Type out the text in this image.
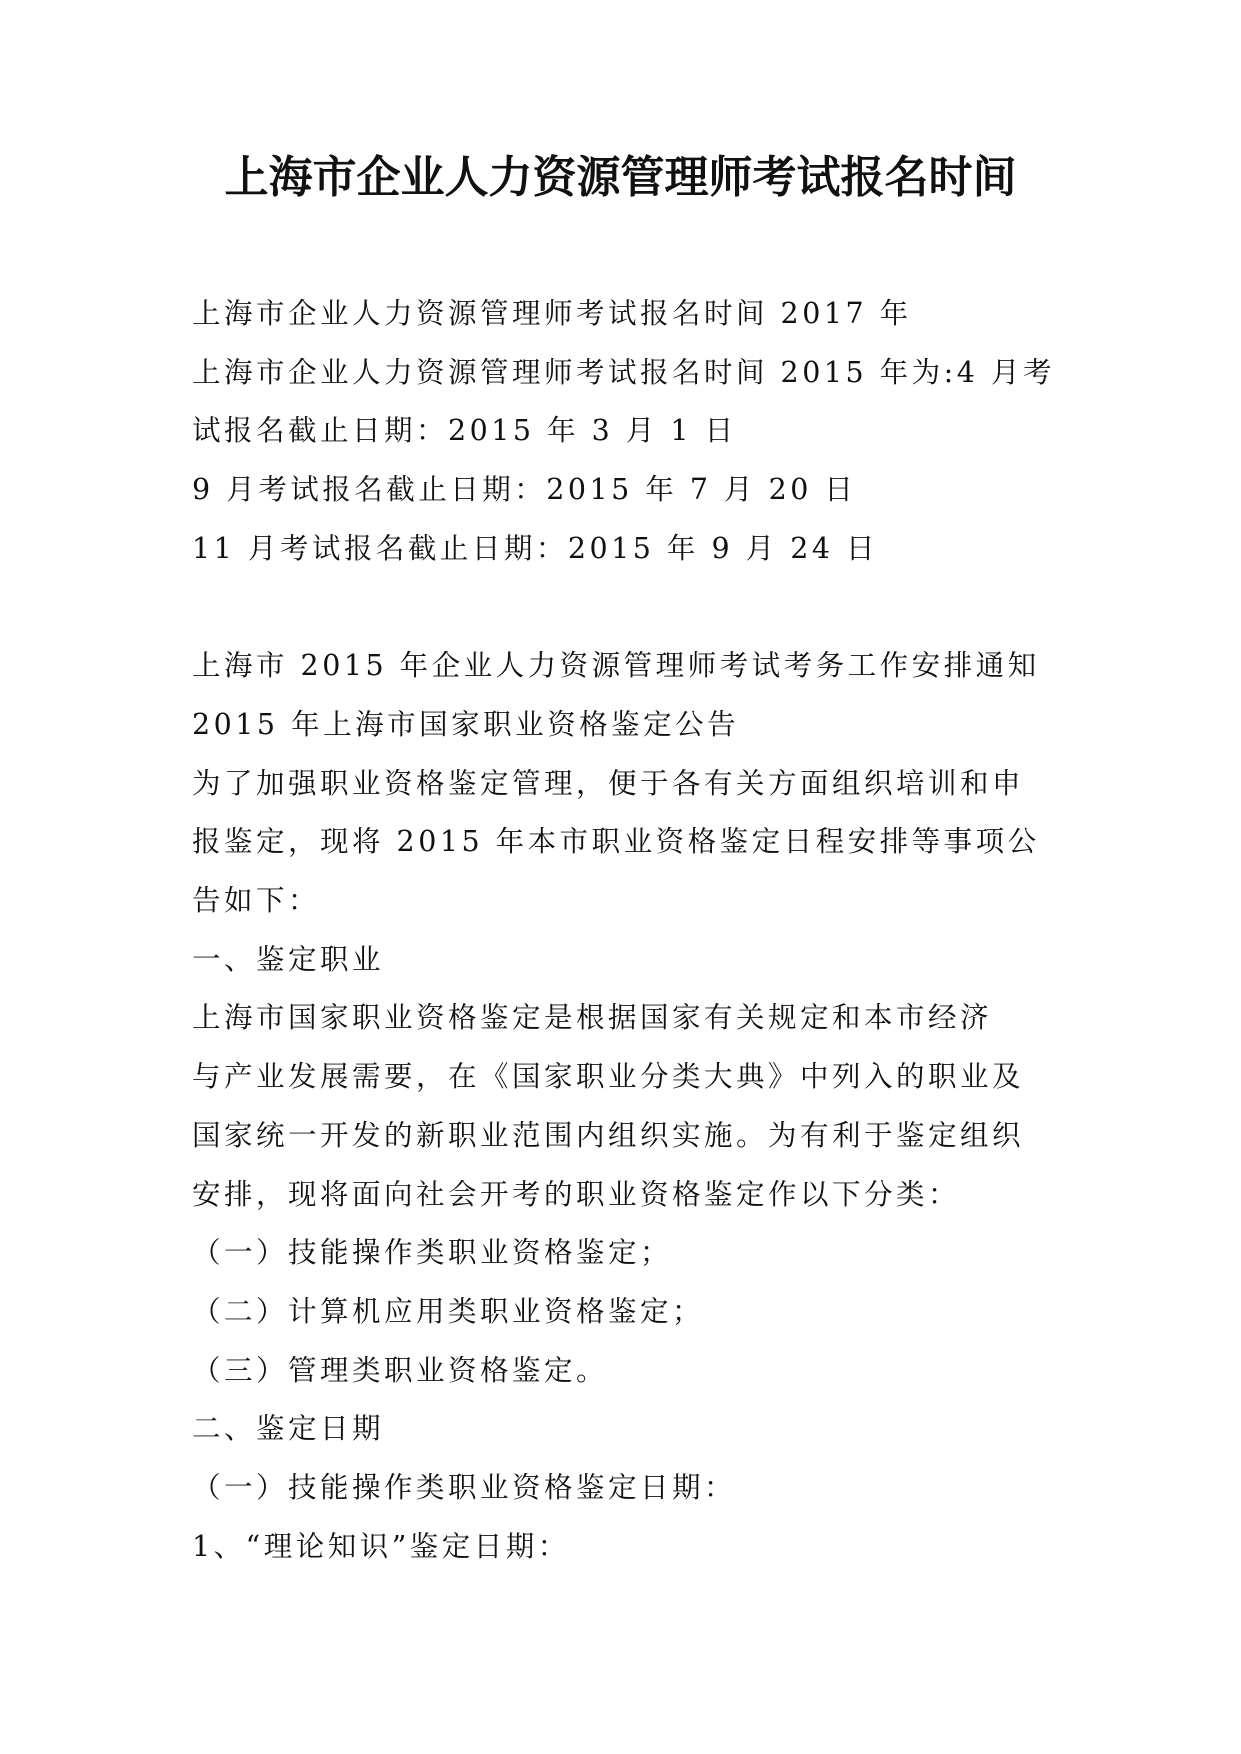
上海市企业人力资源管理师考试报名时间

上海市企业人力资源管理师考试报名时间 2017 年

上海市企业人力资源管理师考试报名时间 2015 年为:4 月考

试报名截止日期：2015 年 3 月 1 日

9 月考试报名截止日期：2015 年 7 月 20 日

11 月考试报名截止日期：2015 年 9 月 24 日

上海市 2015 年企业人力资源管理师考试考务工作安排通知

2015 年上海市国家职业资格鉴定公告

为了加强职业资格鉴定管理，便于各有关方面组织培训和申

报鉴定，现将 2015 年本市职业资格鉴定日程安排等事项公

告如下：

一、鉴定职业

上海市国家职业资格鉴定是根据国家有关规定和本市经济

与产业发展需要，在《国家职业分类大典》中列入的职业及

国家统一开发的新职业范围内组织实施。为有利于鉴定组织

安排，现将面向社会开考的职业资格鉴定作以下分类：

（一）技能操作类职业资格鉴定；

（二）计算机应用类职业资格鉴定；

（三）管理类职业资格鉴定。

二、鉴定日期

（一）技能操作类职业资格鉴定日期：

1、“理论知识”鉴定日期：
